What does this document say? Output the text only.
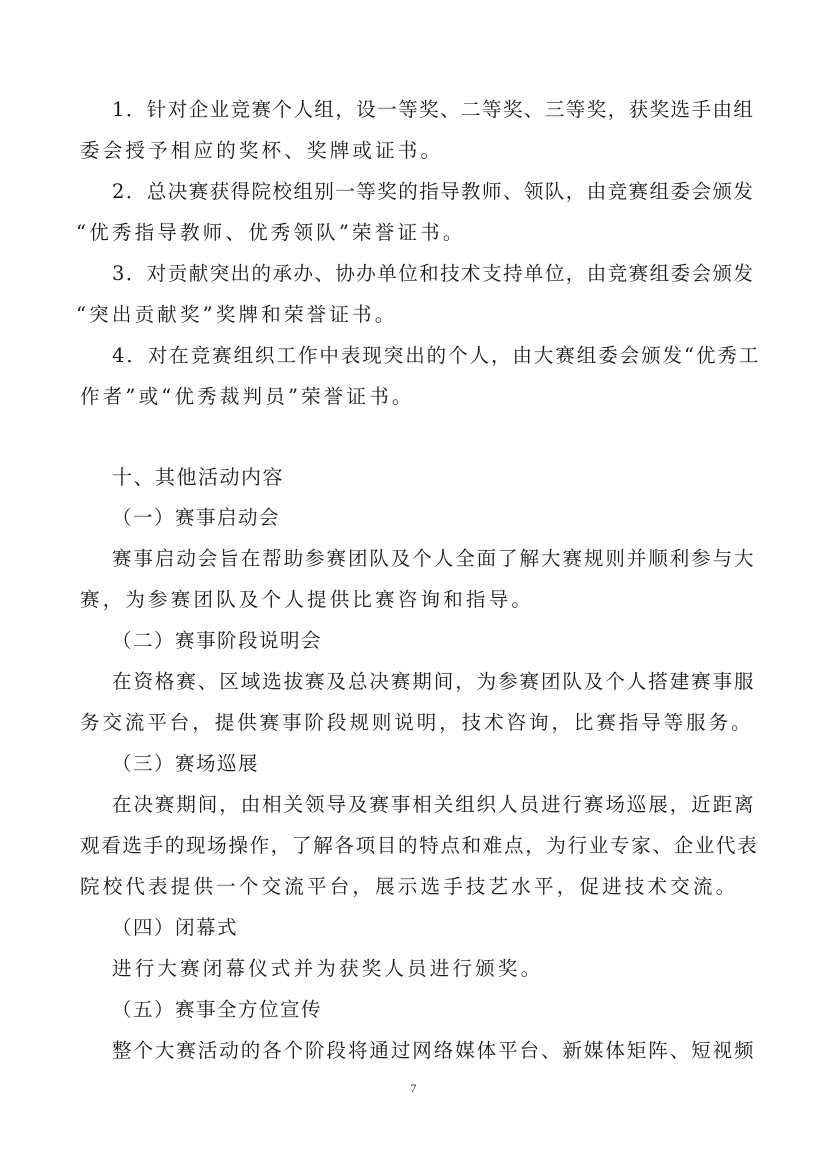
1．针对企业竞赛个人组，设一等奖、二等奖、三等奖，获奖选手由组
委会授予相应的奖杯、奖牌或证书。
2．总决赛获得院校组别一等奖的指导教师、领队，由竞赛组委会颁发
“优秀指导教师、优秀领队”荣誉证书。
3．对贡献突出的承办、协办单位和技术支持单位，由竞赛组委会颁发
“突出贡献奖”奖牌和荣誉证书。
4．对在竞赛组织工作中表现突出的个人，由大赛组委会颁发“优秀工
作者”或“优秀裁判员”荣誉证书。
十、其他活动内容
（一）赛事启动会
赛事启动会旨在帮助参赛团队及个人全面了解大赛规则并顺利参与大
赛，为参赛团队及个人提供比赛咨询和指导。
（二）赛事阶段说明会
在资格赛、区域选拔赛及总决赛期间，为参赛团队及个人搭建赛事服
务交流平台，提供赛事阶段规则说明，技术咨询，比赛指导等服务。
（三）赛场巡展
在决赛期间，由相关领导及赛事相关组织人员进行赛场巡展，近距离
观看选手的现场操作，了解各项目的特点和难点，为行业专家、企业代表
院校代表提供一个交流平台，展示选手技艺水平，促进技术交流。
（四）闭幕式
进行大赛闭幕仪式并为获奖人员进行颁奖。
（五）赛事全方位宣传
整个大赛活动的各个阶段将通过网络媒体平台、新媒体矩阵、短视频
7
